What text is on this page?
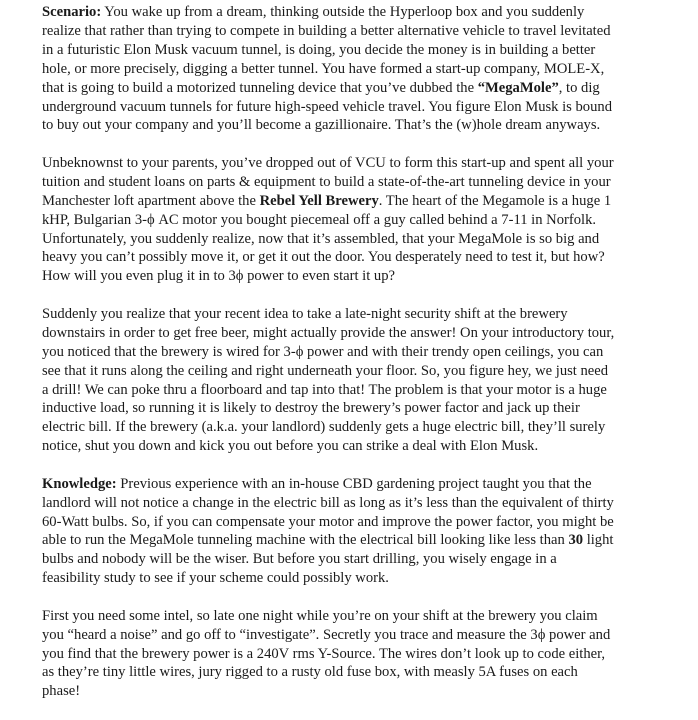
Scenario: You wake up from a dream, thinking outside the Hyperloop box and you suddenly
realize that rather than trying to compete in building a better alternative vehicle to travel levitated
in a futuristic Elon Musk vacuum tunnel, is doing, you decide the money is in building a better
hole, or more precisely, digging a better tunnel. You have formed a start-up company, MOLE-X,
that is going to build a motorized tunneling device that you’ve dubbed the “MegaMole”, to dig
underground vacuum tunnels for future high-speed vehicle travel. You figure Elon Musk is bound
to buy out your company and you’ll become a gazillionaire. That’s the (w)hole dream anyways.

Unbeknownst to your parents, you’ve dropped out of VCU to form this start-up and spent all your
tuition and student loans on parts & equipment to build a state-of-the-art tunneling device in your
Manchester loft apartment above the Rebel Yell Brewery. The heart of the Megamole is a huge 1
kHP, Bulgarian 3-ϕ AC motor you bought piecemeal off a guy called behind a 7-11 in Norfolk.
Unfortunately, you suddenly realize, now that it’s assembled, that your MegaMole is so big and
heavy you can’t possibly move it, or get it out the door. You desperately need to test it, but how?
How will you even plug it in to 3ϕ power to even start it up?

Suddenly you realize that your recent idea to take a late-night security shift at the brewery
downstairs in order to get free beer, might actually provide the answer! On your introductory tour,
you noticed that the brewery is wired for 3-ϕ power and with their trendy open ceilings, you can
see that it runs along the ceiling and right underneath your floor. So, you figure hey, we just need
a drill! We can poke thru a floorboard and tap into that! The problem is that your motor is a huge
inductive load, so running it is likely to destroy the brewery’s power factor and jack up their
electric bill. If the brewery (a.k.a. your landlord) suddenly gets a huge electric bill, they’ll surely
notice, shut you down and kick you out before you can strike a deal with Elon Musk.

Knowledge: Previous experience with an in-house CBD gardening project taught you that the
landlord will not notice a change in the electric bill as long as it’s less than the equivalent of thirty
60-Watt bulbs. So, if you can compensate your motor and improve the power factor, you might be
able to run the MegaMole tunneling machine with the electrical bill looking like less than 30 light
bulbs and nobody will be the wiser. But before you start drilling, you wisely engage in a
feasibility study to see if your scheme could possibly work.

First you need some intel, so late one night while you’re on your shift at the brewery you claim
you “heard a noise” and go off to “investigate”. Secretly you trace and measure the 3ϕ power and
you find that the brewery power is a 240V rms Y-Source. The wires don’t look up to code either,
as they’re tiny little wires, jury rigged to a rusty old fuse box, with measly 5A fuses on each
phase!
